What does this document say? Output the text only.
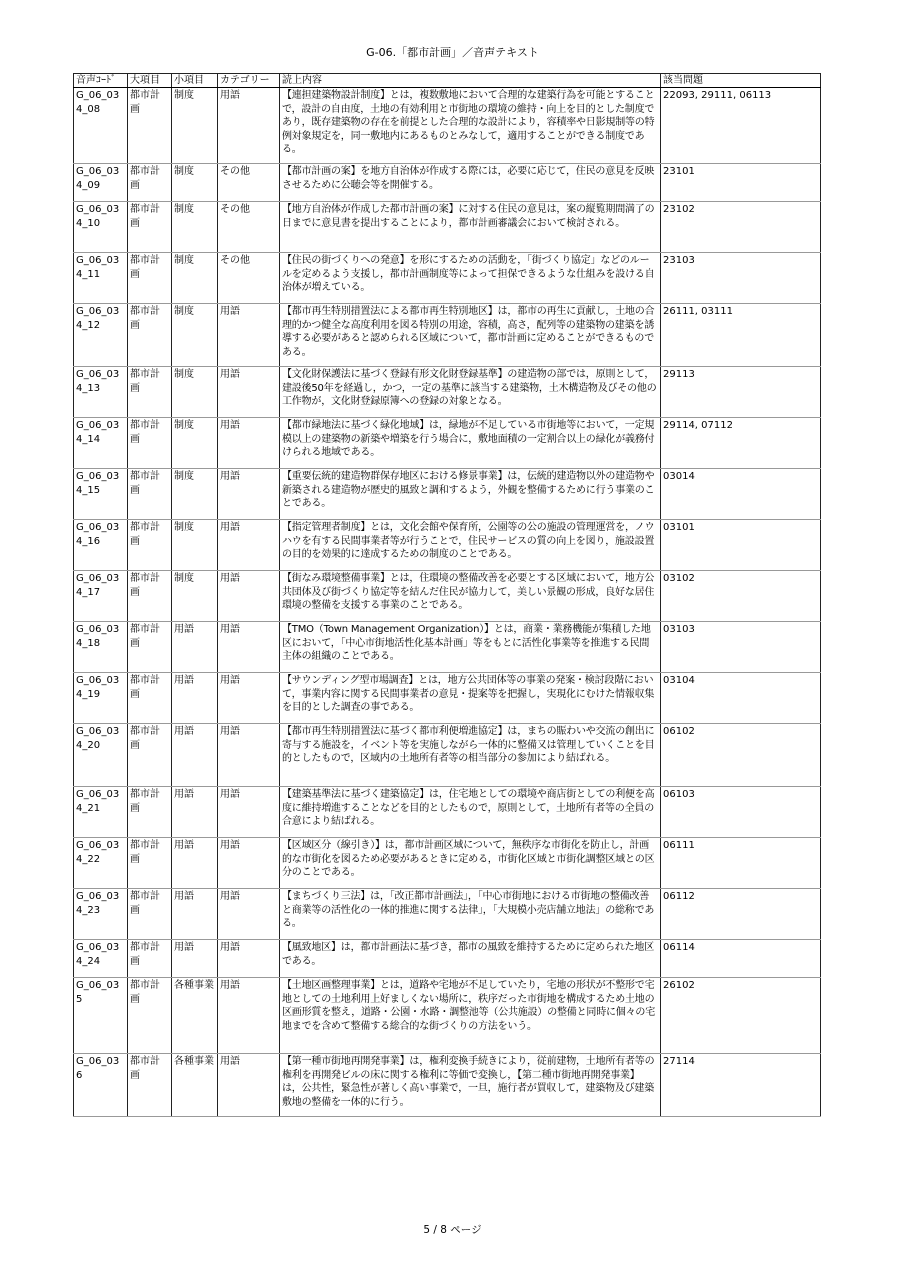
G-06.「都市計画」／音声テキスト
音声ｺｰﾄﾞ	大項目	小項目	カテゴリー	読上内容	該当問題
G_06_034_08	都市計画	制度	用語	【連担建築物設計制度】とは，複数敷地において合理的な建築行為を可能とすることで，設計の自由度，土地の有効利用と市街地の環境の維持・向上を目的とした制度であり，既存建築物の存在を前提とした合理的な設計により，容積率や日影規制等の特例対象規定を，同一敷地内にあるものとみなして，適用することができる制度である。	22093, 29111, 06113
G_06_034_09	都市計画	制度	その他	【都市計画の案】を地方自治体が作成する際には，必要に応じて，住民の意見を反映させるために公聴会等を開催する。	23101
G_06_034_10	都市計画	制度	その他	【地方自治体が作成した都市計画の案】に対する住民の意見は，案の縦覧期間満了の日までに意見書を提出することにより，都市計画審議会において検討される。	23102
G_06_034_11	都市計画	制度	その他	【住民の街づくりへの発意】を形にするための活動を，「街づくり協定」などのルールを定めるよう支援し，都市計画制度等によって担保できるような仕組みを設ける自治体が増えている。	23103
G_06_034_12	都市計画	制度	用語	【都市再生特別措置法による都市再生特別地区】は，都市の再生に貢献し，土地の合理的かつ健全な高度利用を図る特別の用途，容積，高さ，配列等の建築物の建築を誘導する必要があると認められる区域について，都市計画に定めることができるものである。	26111, 03111
G_06_034_13	都市計画	制度	用語	【文化財保護法に基づく登録有形文化財登録基準】の建造物の部では，原則として，建設後50年を経過し，かつ，一定の基準に該当する建築物，土木構造物及びその他の工作物が，文化財登録原簿への登録の対象となる。	29113
G_06_034_14	都市計画	制度	用語	【都市緑地法に基づく緑化地域】は，緑地が不足している市街地等において，一定規模以上の建築物の新築や増築を行う場合に，敷地面積の一定割合以上の緑化が義務付けられる地域である。	29114, 07112
G_06_034_15	都市計画	制度	用語	【重要伝統的建造物群保存地区における修景事業】は，伝統的建造物以外の建造物や新築される建造物が歴史的風致と調和するよう，外観を整備するために行う事業のことである。	03014
G_06_034_16	都市計画	制度	用語	【指定管理者制度】とは，文化会館や保育所，公園等の公の施設の管理運営を，ノウハウを有する民間事業者等が行うことで，住民サービスの質の向上を図り，施設設置の目的を効果的に達成するための制度のことである。	03101
G_06_034_17	都市計画	制度	用語	【街なみ環境整備事業】とは，住環境の整備改善を必要とする区域において，地方公共団体及び街づくり協定等を結んだ住民が協力して，美しい景観の形成，良好な居住環境の整備を支援する事業のことである。	03102
G_06_034_18	都市計画	用語	用語	【TMO（Town Management Organization）】とは，商業・業務機能が集積した地区において，「中心市街地活性化基本計画」等をもとに活性化事業等を推進する民間主体の組織のことである。	03103
G_06_034_19	都市計画	用語	用語	【サウンディング型市場調査】とは，地方公共団体等の事業の発案・検討段階において，事業内容に関する民間事業者の意見・提案等を把握し，実現化にむけた情報収集を目的とした調査の事である。	03104
G_06_034_20	都市計画	用語	用語	【都市再生特別措置法に基づく都市利便増進協定】は，まちの賑わいや交流の創出に寄与する施設を，イベント等を実施しながら一体的に整備又は管理していくことを目的としたもので，区域内の土地所有者等の相当部分の参加により結ばれる。	06102
G_06_034_21	都市計画	用語	用語	【建築基準法に基づく建築協定】は，住宅地としての環境や商店街としての利便を高度に維持増進することなどを目的としたもので，原則として，土地所有者等の全員の合意により結ばれる。	06103
G_06_034_22	都市計画	用語	用語	【区域区分（線引き）】は，都市計画区域について，無秩序な市街化を防止し，計画的な市街化を図るため必要があるときに定める，市街化区域と市街化調整区域との区分のことである。	06111
G_06_034_23	都市計画	用語	用語	【まちづくり三法】は，「改正都市計画法」，「中心市街地における市街地の整備改善と商業等の活性化の一体的推進に関する法律」，「大規模小売店舗立地法」の総称である。	06112
G_06_034_24	都市計画	用語	用語	【風致地区】は，都市計画法に基づき，都市の風致を維持するために定められた地区である。	06114
G_06_035	都市計画	各種事業	用語	【土地区画整理事業】とは，道路や宅地が不足していたり，宅地の形状が不整形で宅地としての土地利用上好ましくない場所に，秩序だった市街地を構成するため土地の区画形質を整え，道路・公園・水路・調整池等（公共施設）の整備と同時に個々の宅地までを含めて整備する総合的な街づくりの方法をいう。	26102
G_06_036	都市計画	各種事業	用語	【第一種市街地再開発事業】は，権利変換手続きにより，従前建物，土地所有者等の権利を再開発ビルの床に関する権利に等価で変換し，【第二種市街地再開発事業】は，公共性，緊急性が著しく高い事業で，一旦，施行者が買収して，建築物及び建築敷地の整備を一体的に行う。	27114
5 / 8 ページ
